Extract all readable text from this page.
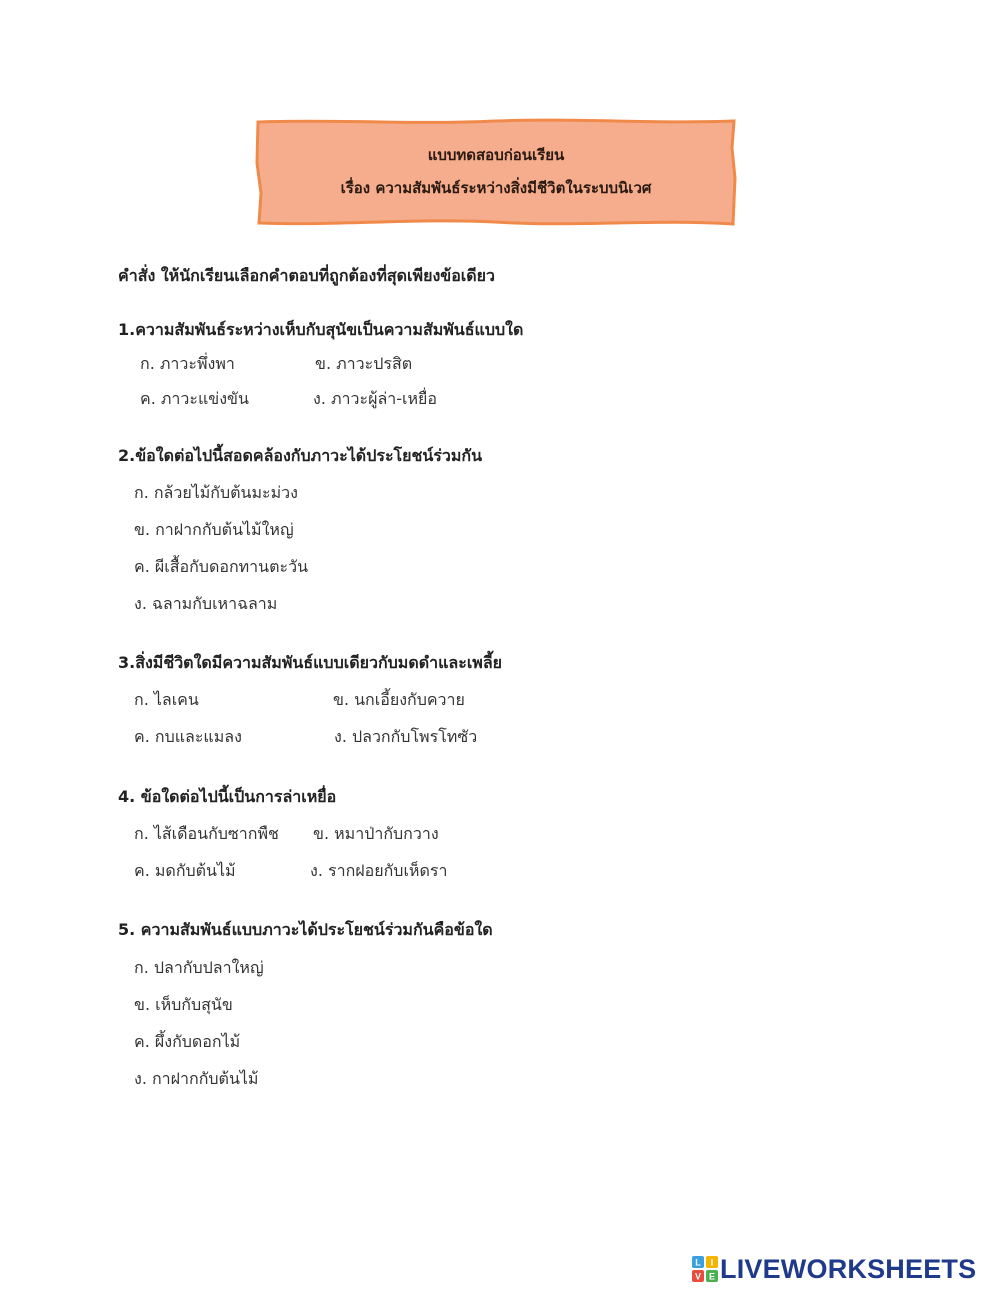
แบบทดสอบก่อนเรียน
เรื่อง ความสัมพันธ์ระหว่างสิ่งมีชีวิตในระบบนิเวศ
คำสั่ง ให้นักเรียนเลือกคำตอบที่ถูกต้องที่สุดเพียงข้อเดียว
1.ความสัมพันธ์ระหว่างเห็บกับสุนัขเป็นความสัมพันธ์แบบใด
ก. ภาวะพึ่งพา	ข. ภาวะปรสิต
ค. ภาวะแข่งขัน	ง. ภาวะผู้ล่า-เหยื่อ
2.ข้อใดต่อไปนี้สอดคล้องกับภาวะได้ประโยชน์ร่วมกัน
ก. กล้วยไม้กับต้นมะม่วง
ข. กาฝากกับต้นไม้ใหญ่
ค. ผีเสื้อกับดอกทานตะวัน
ง. ฉลามกับเหาฉลาม
3.สิ่งมีชีวิตใดมีความสัมพันธ์แบบเดียวกับมดดำและเพลี้ย
ก. ไลเคน	ข. นกเอี้ยงกับควาย
ค. กบและแมลง	ง. ปลวกกับโพรโทซัว
4. ข้อใดต่อไปนี้เป็นการล่าเหยื่อ
ก. ไส้เดือนกับซากพืช ข. หมาป่ากับกวาง
ค. มดกับต้นไม้	ง. รากฝอยกับเห็ดรา
5. ความสัมพันธ์แบบภาวะได้ประโยชน์ร่วมกันคือข้อใด
ก. ปลากับปลาใหญ่
ข. เห็บกับสุนัข
ค. ผึ้งกับดอกไม้
ง. กาฝากกับต้นไม้
L I
V E LIVEWORKSHEETS
